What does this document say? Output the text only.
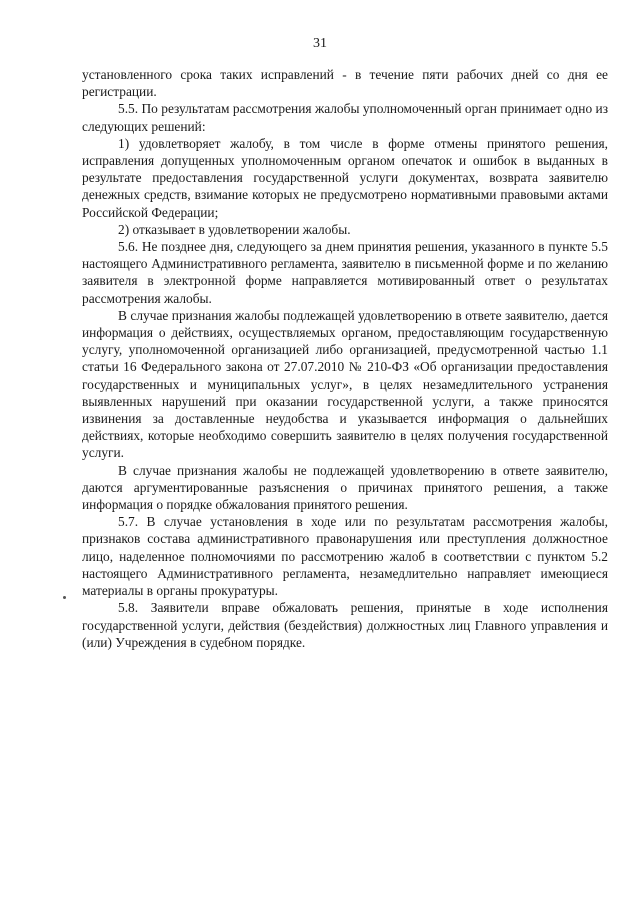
31

установленного срока таких исправлений - в течение пяти рабочих дней со дня ее регистрации.

5.5. По результатам рассмотрения жалобы уполномоченный орган принимает одно из следующих решений:

1) удовлетворяет жалобу, в том числе в форме отмены принятого решения, исправления допущенных уполномоченным органом опечаток и ошибок в выданных в результате предоставления государственной услуги документах, возврата заявителю денежных средств, взимание которых не предусмотрено нормативными правовыми актами Российской Федерации;

2) отказывает в удовлетворении жалобы.

5.6. Не позднее дня, следующего за днем принятия решения, указанного в пункте 5.5 настоящего Административного регламента, заявителю в письменной форме и по желанию заявителя в электронной форме направляется мотивированный ответ о результатах рассмотрения жалобы.

В случае признания жалобы подлежащей удовлетворению в ответе заявителю, дается информация о действиях, осуществляемых органом, предоставляющим государственную услугу, уполномоченной организацией либо организацией, предусмотренной частью 1.1 статьи 16 Федерального закона от 27.07.2010 № 210-ФЗ «Об организации предоставления государственных и муниципальных услуг», в целях незамедлительного устранения выявленных нарушений при оказании государственной услуги, а также приносятся извинения за доставленные неудобства и указывается информация о дальнейших действиях, которые необходимо совершить заявителю в целях получения государственной услуги.

В случае признания жалобы не подлежащей удовлетворению в ответе заявителю, даются аргументированные разъяснения о причинах принятого решения, а также информация о порядке обжалования принятого решения.

5.7. В случае установления в ходе или по результатам рассмотрения жалобы, признаков состава административного правонарушения или преступления должностное лицо, наделенное полномочиями по рассмотрению жалоб в соответствии с пунктом 5.2 настоящего Административного регламента, незамедлительно направляет имеющиеся материалы в органы прокуратуры.

5.8. Заявители вправе обжаловать решения, принятые в ходе исполнения государственной услуги, действия (бездействия) должностных лиц Главного управления и (или) Учреждения в судебном порядке.
